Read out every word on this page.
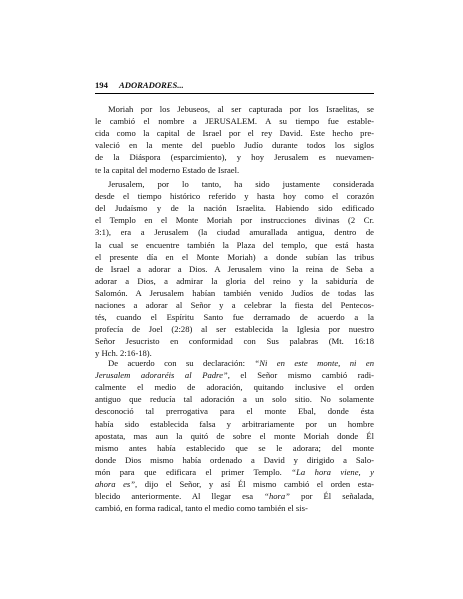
194 ADORADORES...
Moriah por los Jebuseos, al ser capturada por los Israelitas, se
le cambió el nombre a JERUSALEM. A su tiempo fue estable-
cida como la capital de Israel por el rey David. Este hecho pre-
valeció en la mente del pueblo Judío durante todos los siglos
de la Diáspora (esparcimiento), y hoy Jerusalem es nuevamen-
te la capital del moderno Estado de Israel.
Jerusalem, por lo tanto, ha sido justamente considerada
desde el tiempo histórico referido y hasta hoy como el corazón
del Judaísmo y de la nación Israelita. Habiendo sido edificado
el Templo en el Monte Moriah por instrucciones divinas (2 Cr.
3:1), era a Jerusalem (la ciudad amurallada antigua, dentro de
la cual se encuentre también la Plaza del templo, que está hasta
el presente día en el Monte Moriah) a donde subían las tribus
de Israel a adorar a Dios. A Jerusalem vino la reina de Seba a
adorar a Dios, a admirar la gloria del reino y la sabiduría de
Salomón. A Jerusalem habían también venido Judíos de todas las
naciones a adorar al Señor y a celebrar la fiesta del Pentecos-
tés, cuando el Espíritu Santo fue derramado de acuerdo a la
profecía de Joel (2:28) al ser establecida la Iglesia por nuestro
Señor Jesucristo en conformidad con Sus palabras (Mt. 16:18
y Hch. 2:16-18).
De acuerdo con su declaración: “Ni en este monte, ni en
Jerusalem adoraréis al Padre”, el Señor mismo cambió radi-
calmente el medio de adoración, quitando inclusive el orden
antiguo que reducía tal adoración a un solo sitio. No solamente
desconoció tal prerrogativa para el monte Ebal, donde ésta
había sido establecida falsa y arbitrariamente por un hombre
apostata, mas aun la quitó de sobre el monte Moriah donde Él
mismo antes había establecido que se le adorara; del monte
donde Dios mismo había ordenado a David y dirigido a Salo-
món para que edificara el primer Templo. “La hora viene, y
ahora es”, dijo el Señor, y así Él mismo cambió el orden esta-
blecido anteriormente. Al llegar esa “hora” por Él señalada,
cambió, en forma radical, tanto el medio como también el sis-
